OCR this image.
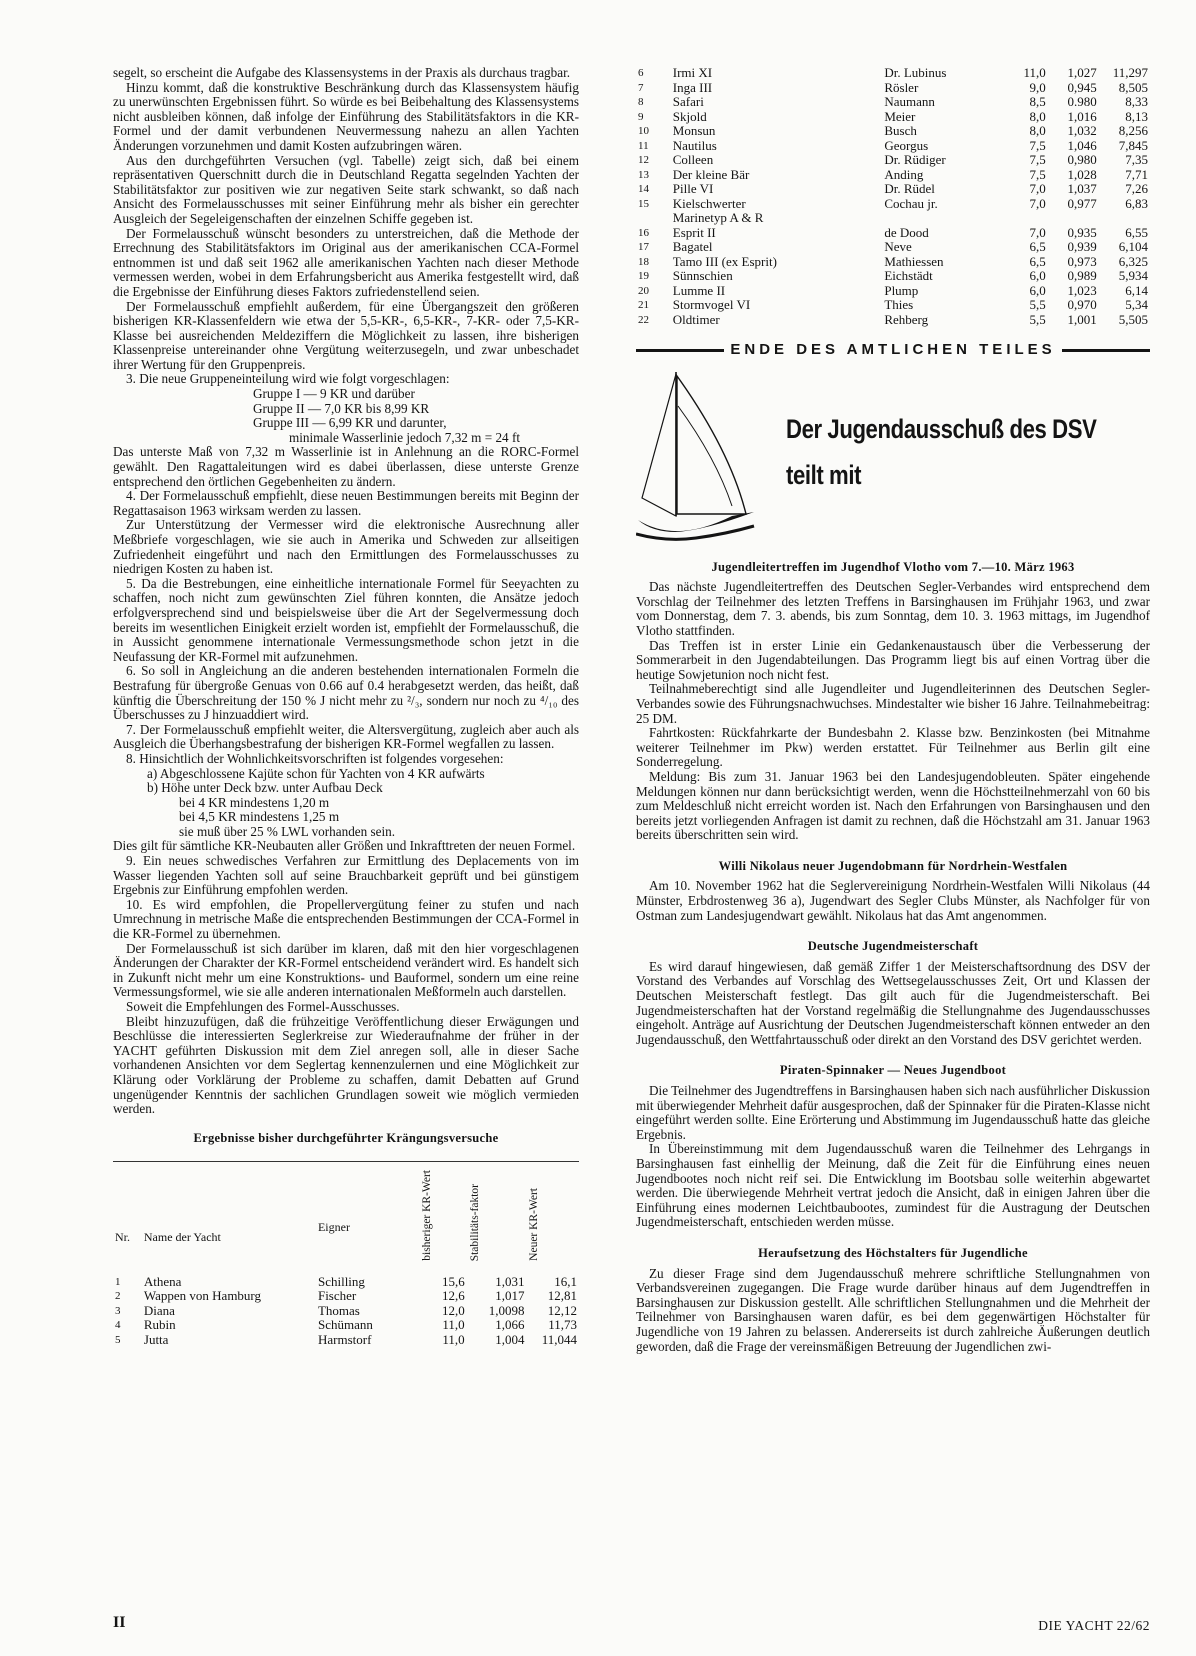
segelt, so erscheint die Aufgabe des Klassensystems in der Praxis als durchaus tragbar.

Hinzu kommt, daß die konstruktive Beschränkung durch das Klassensystem häufig zu unerwünschten Ergebnissen führt. So würde es bei Beibehaltung des Klassensystems nicht ausbleiben können, daß infolge der Einführung des Stabilitätsfaktors in die KR-Formel und der damit verbundenen Neuvermessung nahezu an allen Yachten Änderungen vorzunehmen und damit Kosten aufzubringen wären.

Aus den durchgeführten Versuchen (vgl. Tabelle) zeigt sich, daß bei einem repräsentativen Querschnitt durch die in Deutschland Regatta segelnden Yachten der Stabilitätsfaktor zur positiven wie zur negativen Seite stark schwankt, so daß nach Ansicht des Formelausschusses mit seiner Einführung mehr als bisher ein gerechter Ausgleich der Segeleigenschaften der einzelnen Schiffe gegeben ist.

Der Formelausschuß wünscht besonders zu unterstreichen, daß die Methode der Errechnung des Stabilitätsfaktors im Original aus der amerikanischen CCA-Formel entnommen ist und daß seit 1962 alle amerikanischen Yachten nach dieser Methode vermessen werden, wobei in dem Erfahrungsbericht aus Amerika festgestellt wird, daß die Ergebnisse der Einführung dieses Faktors zufriedenstellend seien.

Der Formelausschuß empfiehlt außerdem, für eine Übergangszeit den größeren bisherigen KR-Klassenfeldern wie etwa der 5,5-KR-, 6,5-KR-, 7-KR- oder 7,5-KR-Klasse bei ausreichenden Meldeziffern die Möglichkeit zu lassen, ihre bisherigen Klassenpreise untereinander ohne Vergütung weiterzusegeln, und zwar unbeschadet ihrer Wertung für den Gruppenpreis.

3. Die neue Gruppeneinteilung wird wie folgt vorgeschlagen:

Gruppe I — 9 KR und darüber

Gruppe II — 7,0 KR bis 8,99 KR

Gruppe III — 6,99 KR und darunter,

minimale Wasserlinie jedoch 7,32 m = 24 ft

Das unterste Maß von 7,32 m Wasserlinie ist in Anlehnung an die RORC-Formel gewählt. Den Ragattaleitungen wird es dabei überlassen, diese unterste Grenze entsprechend den örtlichen Gegebenheiten zu ändern.

4. Der Formelausschuß empfiehlt, diese neuen Bestimmungen bereits mit Beginn der Regattasaison 1963 wirksam werden zu lassen.

Zur Unterstützung der Vermesser wird die elektronische Ausrechnung aller Meßbriefe vorgeschlagen, wie sie auch in Amerika und Schweden zur allseitigen Zufriedenheit eingeführt und nach den Ermittlungen des Formelausschusses zu niedrigen Kosten zu haben ist.

5. Da die Bestrebungen, eine einheitliche internationale Formel für Seeyachten zu schaffen, noch nicht zum gewünschten Ziel führen konnten, die Ansätze jedoch erfolgversprechend sind und beispielsweise über die Art der Segelvermessung doch bereits im wesentlichen Einigkeit erzielt worden ist, empfiehlt der Formelausschuß, die in Aussicht genommene internationale Vermessungsmethode schon jetzt in die Neufassung der KR-Formel mit aufzunehmen.

6. So soll in Angleichung an die anderen bestehenden internationalen Formeln die Bestrafung für übergroße Genuas von 0.66 auf 0.4 herabgesetzt werden, das heißt, daß künftig die Überschreitung der 150 % J nicht mehr zu ²/₃, sondern nur noch zu ⁴/₁₀ des Überschusses zu J hinzuaddiert wird.

7. Der Formelausschuß empfiehlt weiter, die Altersvergütung, zugleich aber auch als Ausgleich die Überhangsbestrafung der bisherigen KR-Formel wegfallen zu lassen.

8. Hinsichtlich der Wohnlichkeitsvorschriften ist folgendes vorgesehen:

a) Abgeschlossene Kajüte schon für Yachten von 4 KR aufwärts

b) Höhe unter Deck bzw. unter Aufbau Deck

bei 4 KR mindestens 1,20 m

bei 4,5 KR mindestens 1,25 m

sie muß über 25 % LWL vorhanden sein.

Dies gilt für sämtliche KR-Neubauten aller Größen und Inkrafttreten der neuen Formel.

9. Ein neues schwedisches Verfahren zur Ermittlung des Deplacements von im Wasser liegenden Yachten soll auf seine Brauchbarkeit geprüft und bei günstigem Ergebnis zur Einführung empfohlen werden.

10. Es wird empfohlen, die Propellervergütung feiner zu stufen und nach Umrechnung in metrische Maße die entsprechenden Bestimmungen der CCA-Formel in die KR-Formel zu übernehmen.

Der Formelausschuß ist sich darüber im klaren, daß mit den hier vorgeschlagenen Änderungen der Charakter der KR-Formel entscheidend verändert wird. Es handelt sich in Zukunft nicht mehr um eine Konstruktions- und Bauformel, sondern um eine reine Vermessungsformel, wie sie alle anderen internationalen Meßformeln auch darstellen.

Soweit die Empfehlungen des Formel-Ausschusses.

Bleibt hinzuzufügen, daß die frühzeitige Veröffentlichung dieser Erwägungen und Beschlüsse die interessierten Seglerkreise zur Wiederaufnahme der früher in der YACHT geführten Diskussion mit dem Ziel anregen soll, alle in dieser Sache vorhandenen Ansichten vor dem Seglertag kennenzulernen und eine Möglichkeit zur Klärung oder Vorklärung der Probleme zu schaffen, damit Debatten auf Grund ungenügender Kenntnis der sachlichen Grundlagen soweit wie möglich vermieden werden.

Ergebnisse bisher durchgeführter Krängungsversuche
Nr.	Name der Yacht	Eigner	bisheriger KR-Wert	Stabilitäts-faktor	Neuer KR-Wert
1	Athena	Schilling	15,6	1,031	16,1
2	Wappen von Hamburg	Fischer	12,6	1,017	12,81
3	Diana	Thomas	12,0	1,0098	12,12
4	Rubin	Schümann	11,0	1,066	11,73
5	Jutta	Harmstorf	11,0	1,004	11,044
6	Irmi XI	Dr. Lubinus	11,0	1,027	11,297
7	Inga III	Rösler	9,0	0,945	8,505
8	Safari	Naumann	8,5	0.980	8,33
9	Skjold	Meier	8,0	1,016	8,13
10	Monsun	Busch	8,0	1,032	8,256
11	Nautilus	Georgus	7,5	1,046	7,845
12	Colleen	Dr. Rüdiger	7,5	0,980	7,35
13	Der kleine Bär	Anding	7,5	1,028	7,71
14	Pille VI	Dr. Rüdel	7,0	1,037	7,26
15	Kielschwerter	Cochau jr.	7,0	0,977	6,83
	Marinetyp A & R				
16	Esprit II	de Dood	7,0	0,935	6,55
17	Bagatel	Neve	6,5	0,939	6,104
18	Tamo III (ex Esprit)	Mathiessen	6,5	0,973	6,325
19	Sünnschien	Eichstädt	6,0	0,989	5,934
20	Lumme II	Plump	6,0	1,023	6,14
21	Stormvogel VI	Thies	5,5	0,970	5,34
22	Oldtimer	Rehberg	5,5	1,001	5,505
ENDE DES AMTLICHEN TEILES
Der Jugendausschuß des DSV
teilt mit
Jugendleitertreffen im Jugendhof Vlotho vom 7.—10. März 1963

Das nächste Jugendleitertreffen des Deutschen Segler-Verbandes wird entsprechend dem Vorschlag der Teilnehmer des letzten Treffens in Barsinghausen im Frühjahr 1963, und zwar vom Donnerstag, dem 7. 3. abends, bis zum Sonntag, dem 10. 3. 1963 mittags, im Jugendhof Vlotho stattfinden.

Das Treffen ist in erster Linie ein Gedankenaustausch über die Verbesserung der Sommerarbeit in den Jugendabteilungen. Das Programm liegt bis auf einen Vortrag über die heutige Sowjetunion noch nicht fest.

Teilnahmeberechtigt sind alle Jugendleiter und Jugendleiterinnen des Deutschen Segler-Verbandes sowie des Führungsnachwuchses. Mindestalter wie bisher 16 Jahre. Teilnahmebeitrag: 25 DM.

Fahrtkosten: Rückfahrkarte der Bundesbahn 2. Klasse bzw. Benzinkosten (bei Mitnahme weiterer Teilnehmer im Pkw) werden erstattet. Für Teilnehmer aus Berlin gilt eine Sonderregelung.

Meldung: Bis zum 31. Januar 1963 bei den Landesjugendobleuten. Später eingehende Meldungen können nur dann berücksichtigt werden, wenn die Höchstteilnehmerzahl von 60 bis zum Meldeschluß nicht erreicht worden ist. Nach den Erfahrungen von Barsinghausen und den bereits jetzt vorliegenden Anfragen ist damit zu rechnen, daß die Höchstzahl am 31. Januar 1963 bereits überschritten sein wird.

Willi Nikolaus neuer Jugendobmann für Nordrhein-Westfalen

Am 10. November 1962 hat die Seglervereinigung Nordrhein-Westfalen Willi Nikolaus (44 Münster, Erbdrostenweg 36 a), Jugendwart des Segler Clubs Münster, als Nachfolger für von Ostman zum Landesjugendwart gewählt. Nikolaus hat das Amt angenommen.

Deutsche Jugendmeisterschaft

Es wird darauf hingewiesen, daß gemäß Ziffer 1 der Meisterschaftsordnung des DSV der Vorstand des Verbandes auf Vorschlag des Wettsegelausschusses Zeit, Ort und Klassen der Deutschen Meisterschaft festlegt. Das gilt auch für die Jugendmeisterschaft. Bei Jugendmeisterschaften hat der Vorstand regelmäßig die Stellungnahme des Jugendausschusses eingeholt. Anträge auf Ausrichtung der Deutschen Jugendmeisterschaft können entweder an den Jugendausschuß, den Wettfahrtausschuß oder direkt an den Vorstand des DSV gerichtet werden.

Piraten-Spinnaker — Neues Jugendboot

Die Teilnehmer des Jugendtreffens in Barsinghausen haben sich nach ausführlicher Diskussion mit überwiegender Mehrheit dafür ausgesprochen, daß der Spinnaker für die Piraten-Klasse nicht eingeführt werden sollte. Eine Erörterung und Abstimmung im Jugendausschuß hatte das gleiche Ergebnis.

In Übereinstimmung mit dem Jugendausschuß waren die Teilnehmer des Lehrgangs in Barsinghausen fast einhellig der Meinung, daß die Zeit für die Einführung eines neuen Jugendbootes noch nicht reif sei. Die Entwicklung im Bootsbau solle weiterhin abgewartet werden. Die überwiegende Mehrheit vertrat jedoch die Ansicht, daß in einigen Jahren über die Einführung eines modernen Leichtbaubootes, zumindest für die Austragung der Deutschen Jugendmeisterschaft, entschieden werden müsse.

Heraufsetzung des Höchstalters für Jugendliche

Zu dieser Frage sind dem Jugendausschuß mehrere schriftliche Stellungnahmen von Verbandsvereinen zugegangen. Die Frage wurde darüber hinaus auf dem Jugendtreffen in Barsinghausen zur Diskussion gestellt. Alle schriftlichen Stellungnahmen und die Mehrheit der Teilnehmer von Barsinghausen waren dafür, es bei dem gegenwärtigen Höchstalter für Jugendliche von 19 Jahren zu belassen. Andererseits ist durch zahlreiche Äußerungen deutlich geworden, daß die Frage der vereinsmäßigen Betreuung der Jugendlichen zwi-

II	DIE YACHT 22/62
